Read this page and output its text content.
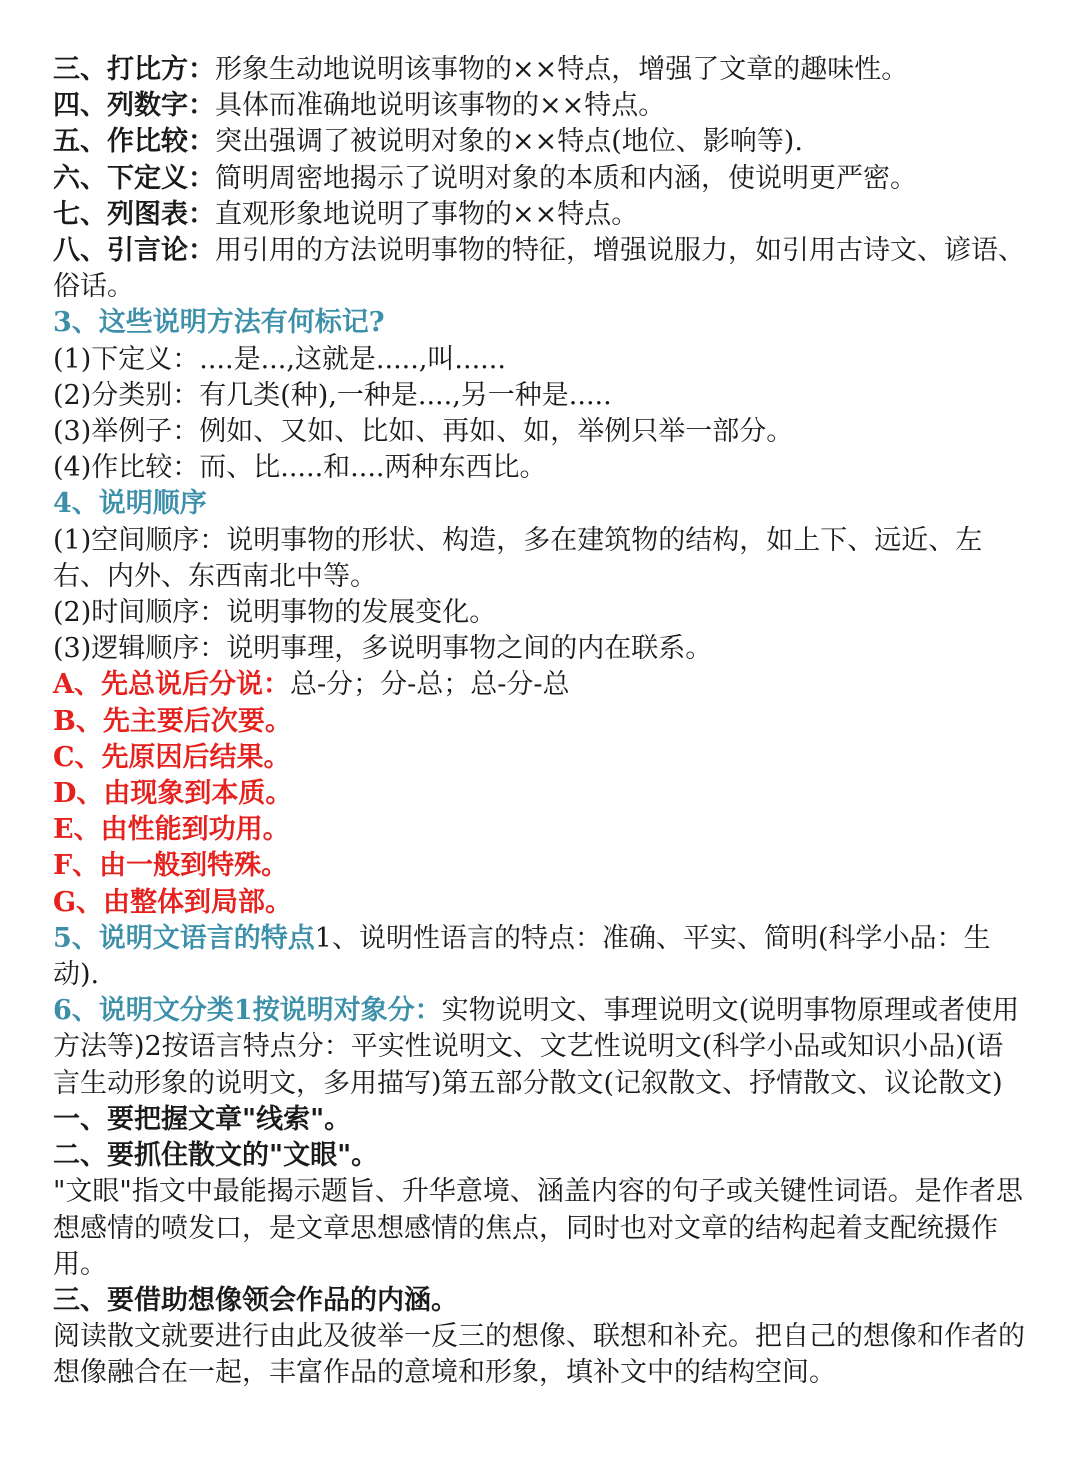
三、打比方：形象生动地说明该事物的××特点，增强了文章的趣味性。
四、列数字：具体而准确地说明该事物的××特点。
五、作比较：突出强调了被说明对象的××特点(地位、影响等).
六、下定义：简明周密地揭示了说明对象的本质和内涵，使说明更严密。
七、列图表：直观形象地说明了事物的××特点。
八、引言论：用引用的方法说明事物的特征，增强说服力，如引用古诗文、谚语、俗话。
3、这些说明方法有何标记?
(1)下定义：....是...,这就是.....,叫......
(2)分类别：有几类(种),一种是....,另一种是.....
(3)举例子：例如、又如、比如、再如、如，举例只举一部分。
(4)作比较：而、比.....和....两种东西比。
4、说明顺序
(1)空间顺序：说明事物的形状、构造，多在建筑物的结构，如上下、远近、左右、内外、东西南北中等。
(2)时间顺序：说明事物的发展变化。
(3)逻辑顺序：说明事理，多说明事物之间的内在联系。
A、先总说后分说：总-分；分-总；总-分-总
B、先主要后次要。
C、先原因后结果。
D、由现象到本质。
E、由性能到功用。
F、由一般到特殊。
G、由整体到局部。
5、说明文语言的特点1、说明性语言的特点：准确、平实、简明(科学小品：生动).
6、说明文分类1按说明对象分：实物说明文、事理说明文(说明事物原理或者使用方法等)2按语言特点分：平实性说明文、文艺性说明文(科学小品或知识小品)(语言生动形象的说明文，多用描写)第五部分散文(记叙散文、抒情散文、议论散文)
一、要把握文章"线索"。
二、要抓住散文的"文眼"。
"文眼"指文中最能揭示题旨、升华意境、涵盖内容的句子或关键性词语。是作者思想感情的喷发口，是文章思想感情的焦点，同时也对文章的结构起着支配统摄作用。
三、要借助想像领会作品的内涵。
阅读散文就要进行由此及彼举一反三的想像、联想和补充。把自己的想像和作者的想像融合在一起，丰富作品的意境和形象，填补文中的结构空间。
